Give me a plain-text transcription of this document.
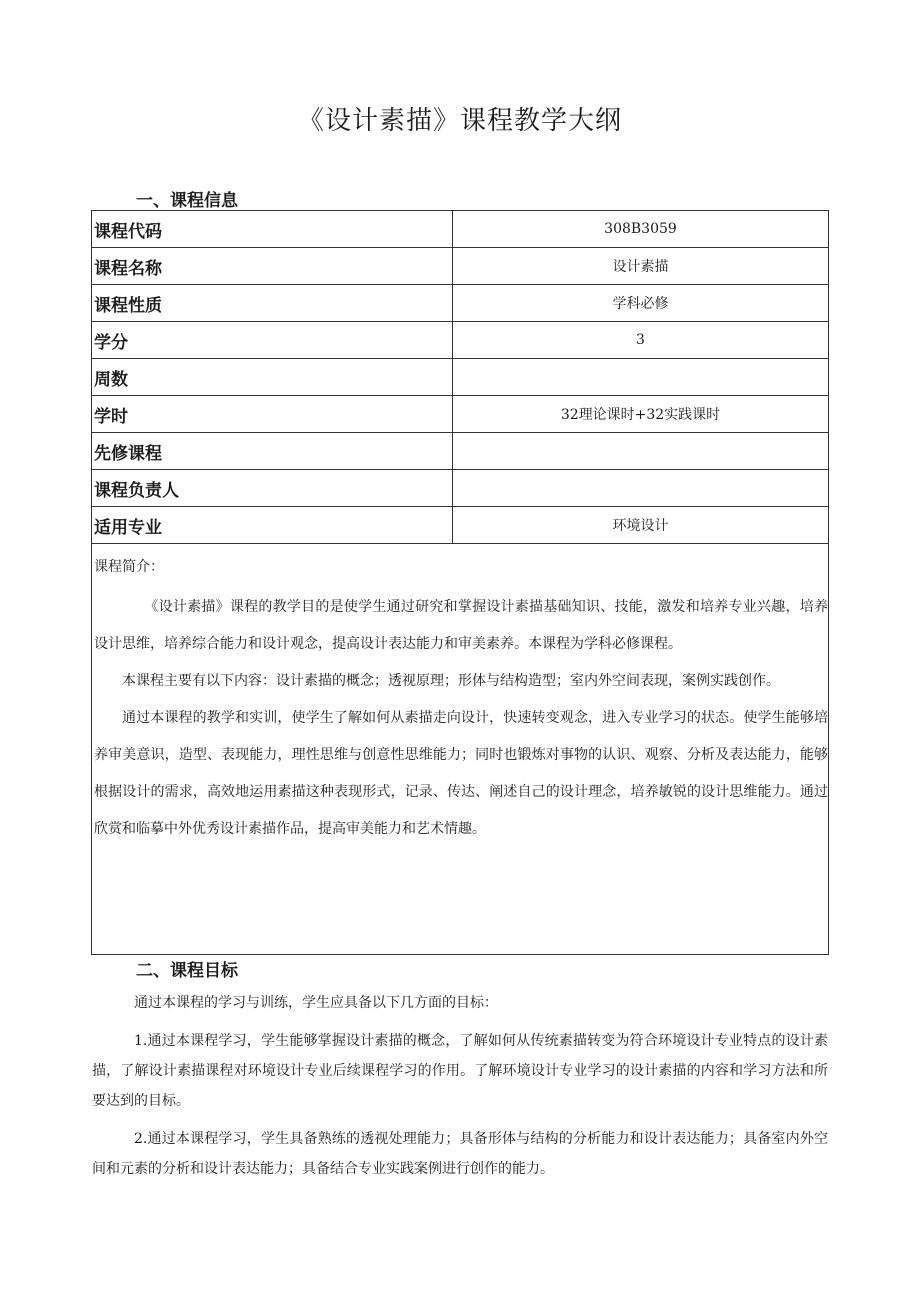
《设计素描》课程教学大纲
一、课程信息
课程代码	308B3059
课程名称	设计素描
课程性质	学科必修
学分	3
周数	
学时	32理论课时+32实践课时
先修课程	
课程负责人	
适用专业	环境设计

课程简介：

《设计素描》课程的教学目的是使学生通过研究和掌握设计素描基础知识、技能，激发和培养专业兴趣，培养设计思维，培养综合能力和设计观念，提高设计表达能力和审美素养。本课程为学科必修课程。

本课程主要有以下内容：设计素描的概念；透视原理；形体与结构造型；室内外空间表现，案例实践创作。

通过本课程的教学和实训，使学生了解如何从素描走向设计，快速转变观念，进入专业学习的状态。使学生能够培养审美意识，造型、表现能力，理性思维与创意性思维能力；同时也锻炼对事物的认识、观察、分析及表达能力，能够根据设计的需求，高效地运用素描这种表现形式，记录、传达、阐述自己的设计理念，培养敏锐的设计思维能力。通过欣赏和临摹中外优秀设计素描作品，提高审美能力和艺术情趣。	

二、课程目标

通过本课程的学习与训练，学生应具备以下几方面的目标：

1.通过本课程学习，学生能够掌握设计素描的概念，了解如何从传统素描转变为符合环境设计专业特点的设计素描，了解设计素描课程对环境设计专业后续课程学习的作用。了解环境设计专业学习的设计素描的内容和学习方法和所要达到的目标。

2.通过本课程学习，学生具备熟练的透视处理能力；具备形体与结构的分析能力和设计表达能力；具备室内外空间和元素的分析和设计表达能力；具备结合专业实践案例进行创作的能力。
